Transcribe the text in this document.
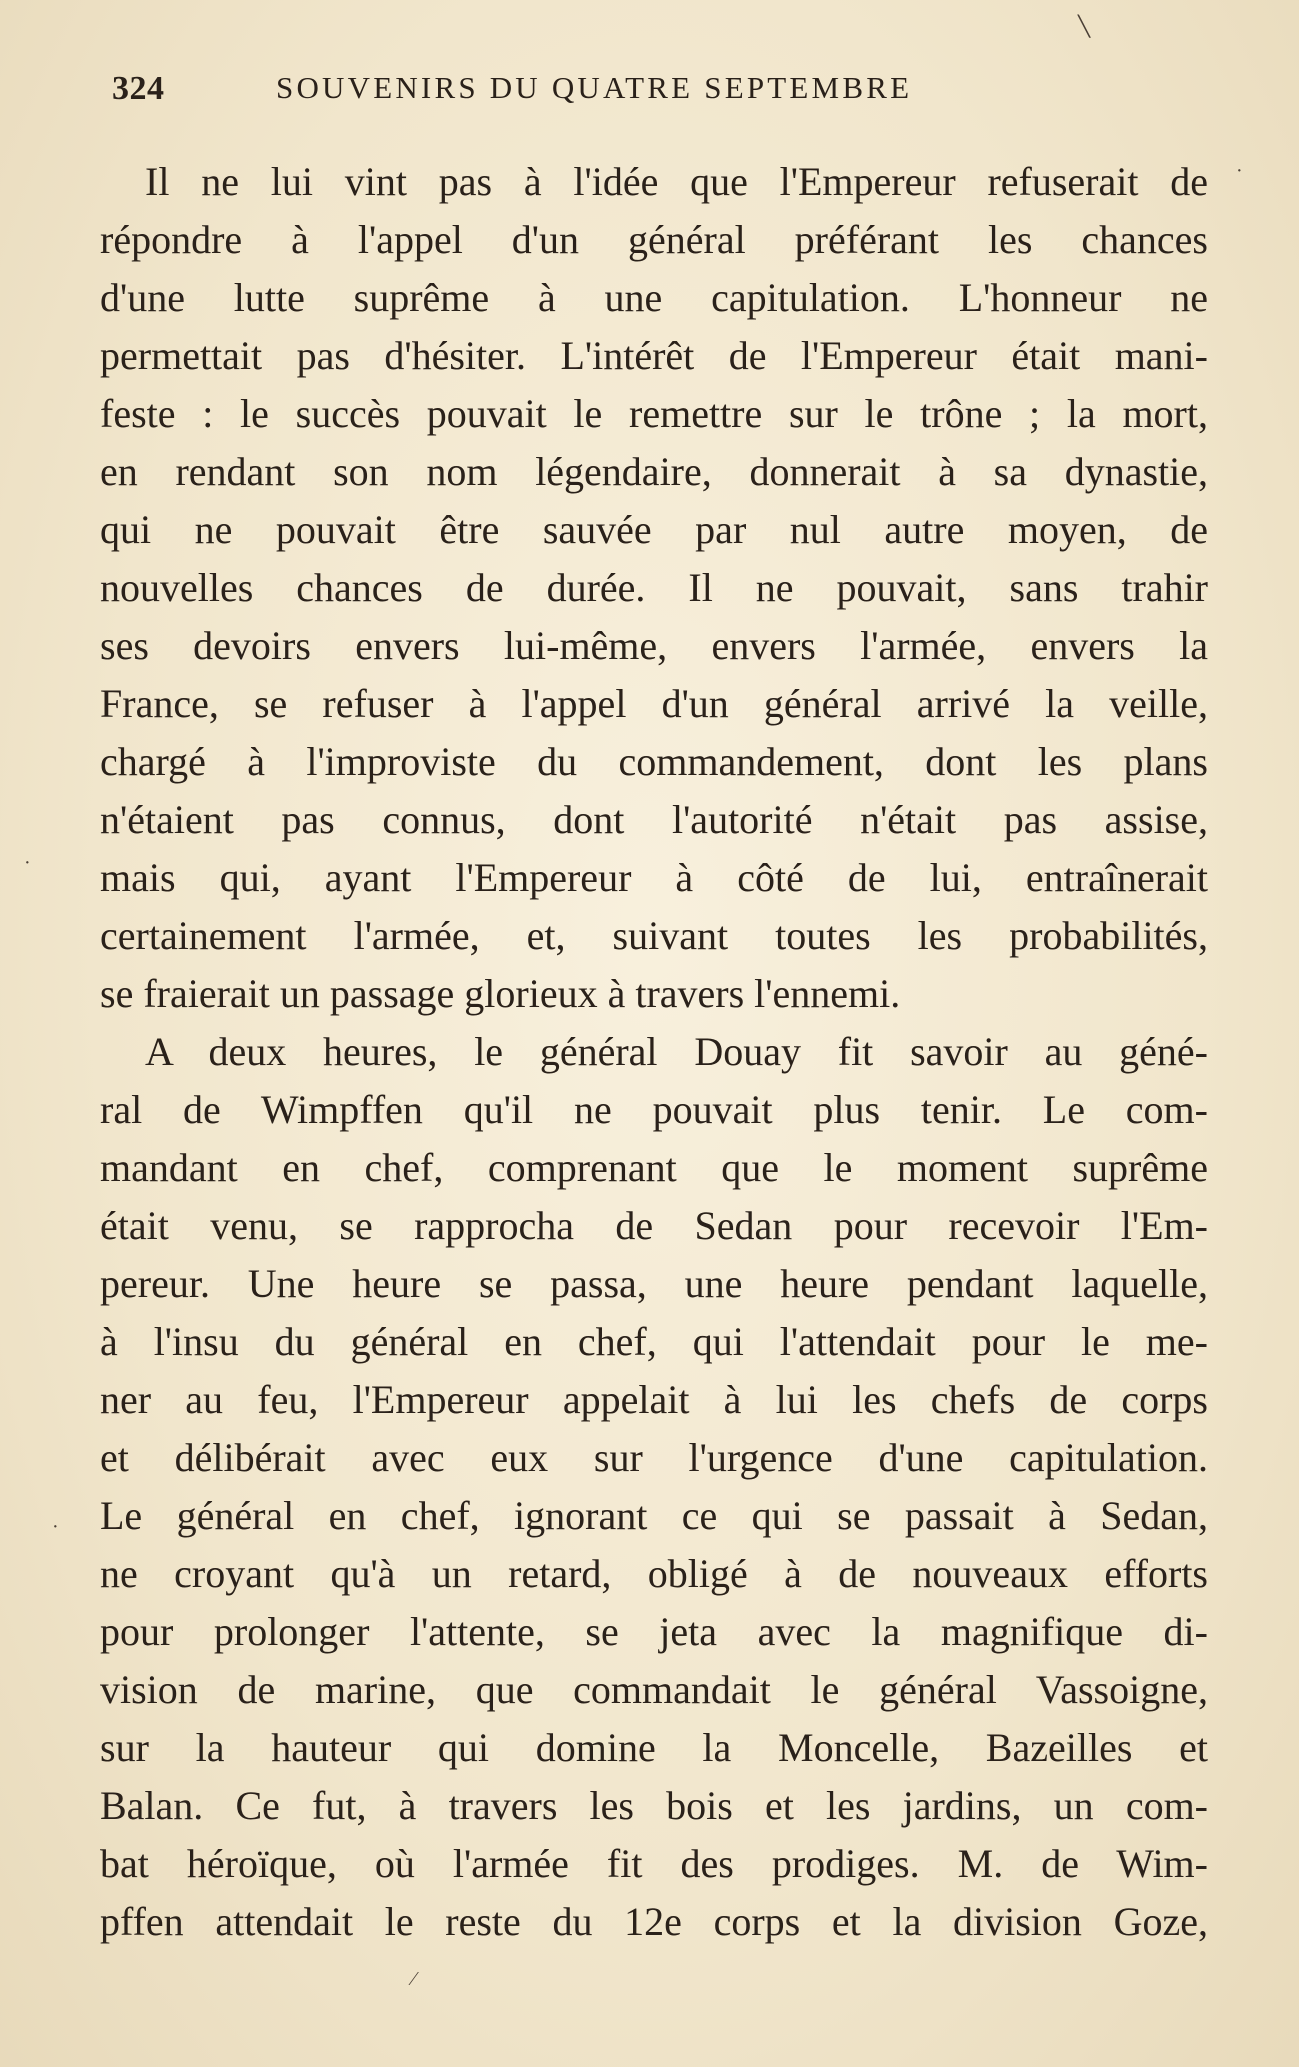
╲
324	SOUVENIRS DU QUATRE SEPTEMBRE
Il ne lui vint pas à l'idée que l'Empereur refuserait de
répondre à l'appel d'un général préférant les chances
d'une lutte suprême à une capitulation. L'honneur ne
permettait pas d'hésiter. L'intérêt de l'Empereur était mani-
feste : le succès pouvait le remettre sur le trône ; la mort,
en rendant son nom légendaire, donnerait à sa dynastie,
qui ne pouvait être sauvée par nul autre moyen, de
nouvelles chances de durée. Il ne pouvait, sans trahir
ses devoirs envers lui-même, envers l'armée, envers la
France, se refuser à l'appel d'un général arrivé la veille,
chargé à l'improviste du commandement, dont les plans
n'étaient pas connus, dont l'autorité n'était pas assise,
mais qui, ayant l'Empereur à côté de lui, entraînerait
certainement l'armée, et, suivant toutes les probabilités,
se fraierait un passage glorieux à travers l'ennemi.
A deux heures, le général Douay fit savoir au géné-
ral de Wimpffen qu'il ne pouvait plus tenir. Le com-
mandant en chef, comprenant que le moment suprême
était venu, se rapprocha de Sedan pour recevoir l'Em-
pereur. Une heure se passa, une heure pendant laquelle,
à l'insu du général en chef, qui l'attendait pour le me-
ner au feu, l'Empereur appelait à lui les chefs de corps
et délibérait avec eux sur l'urgence d'une capitulation.
Le général en chef, ignorant ce qui se passait à Sedan,
ne croyant qu'à un retard, obligé à de nouveaux efforts
pour prolonger l'attente, se jeta avec la magnifique di-
vision de marine, que commandait le général Vassoigne,
sur la hauteur qui domine la Moncelle, Bazeilles et
Balan. Ce fut, à travers les bois et les jardins, un com-
bat héroïque, où l'armée fit des prodiges. M. de Wim-
pffen attendait le reste du 12e corps et la division Goze,
·
·
·
⁄
